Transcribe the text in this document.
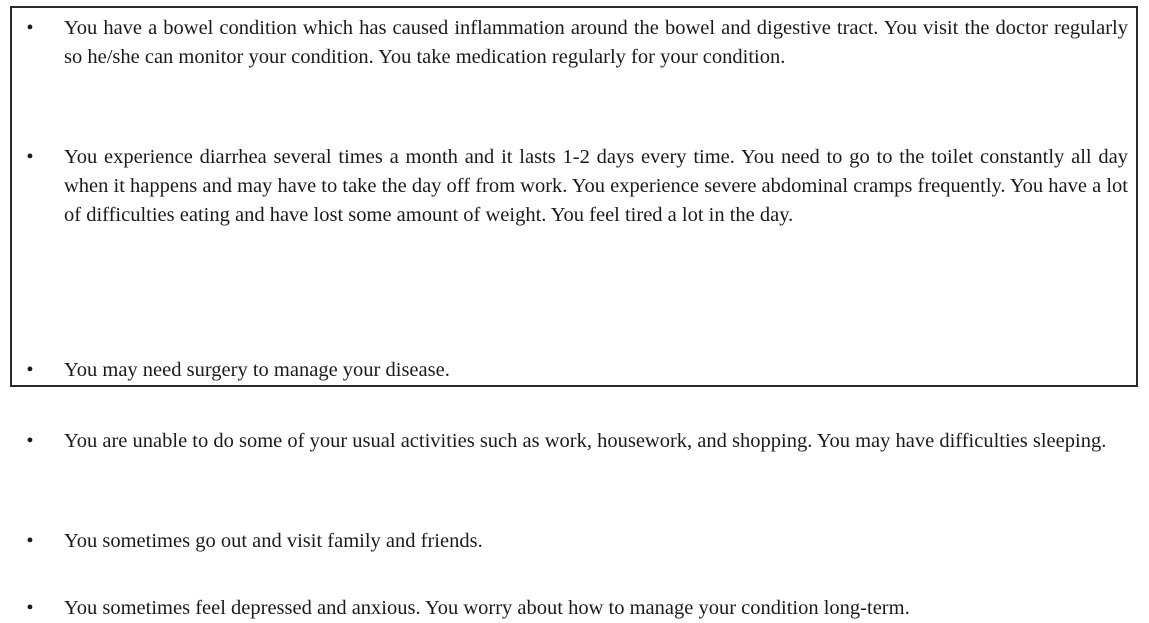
•	You have a bowel condition which has caused inflammation around the bowel and digestive tract. You visit the doctor regularly so he/she can monitor your condition. You take medication regularly for your condition.
•	You experience diarrhea several times a month and it lasts 1-2 days every time. You need to go to the toilet constantly all day when it happens and may have to take the day off from work. You experience severe abdominal cramps frequently. You have a lot of difficulties eating and have lost some amount of weight. You feel tired a lot in the day.
•	You may need surgery to manage your disease.
•	You are unable to do some of your usual activities such as work, housework, and shopping. You may have difficulties sleeping.
•	You sometimes go out and visit family and friends.
•	You sometimes feel depressed and anxious. You worry about how to manage your condition long-term.
